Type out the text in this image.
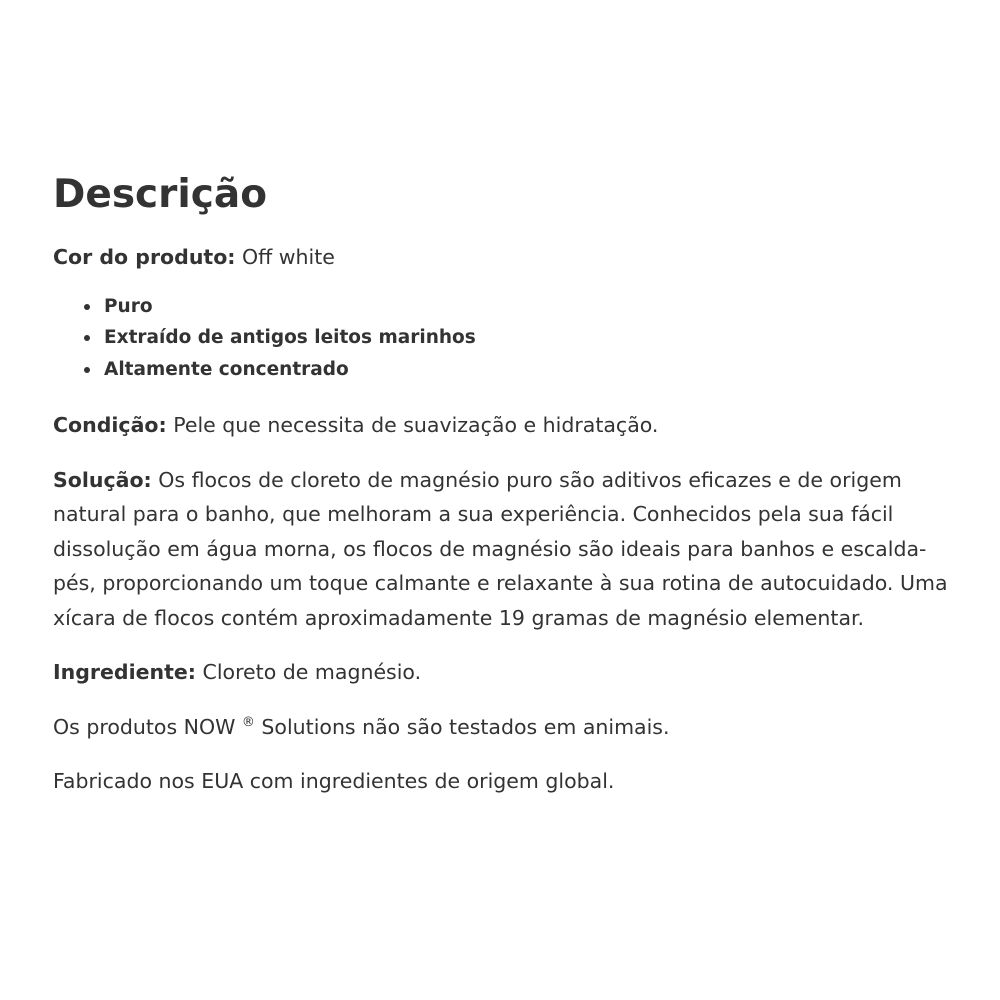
Descrição

Cor do produto: Off white

Puro
Extraído de antigos leitos marinhos
Altamente concentrado

Condição: Pele que necessita de suavização e hidratação.

Solução: Os flocos de cloreto de magnésio puro são aditivos eficazes e de origem natural para o banho, que melhoram a sua experiência. Conhecidos pela sua fácil dissolução em água morna, os flocos de magnésio são ideais para banhos e escalda-pés, proporcionando um toque calmante e relaxante à sua rotina de autocuidado. Uma xícara de flocos contém aproximadamente 19 gramas de magnésio elementar.

Ingrediente: Cloreto de magnésio.

Os produtos NOW ® Solutions não são testados em animais.

Fabricado nos EUA com ingredientes de origem global.
